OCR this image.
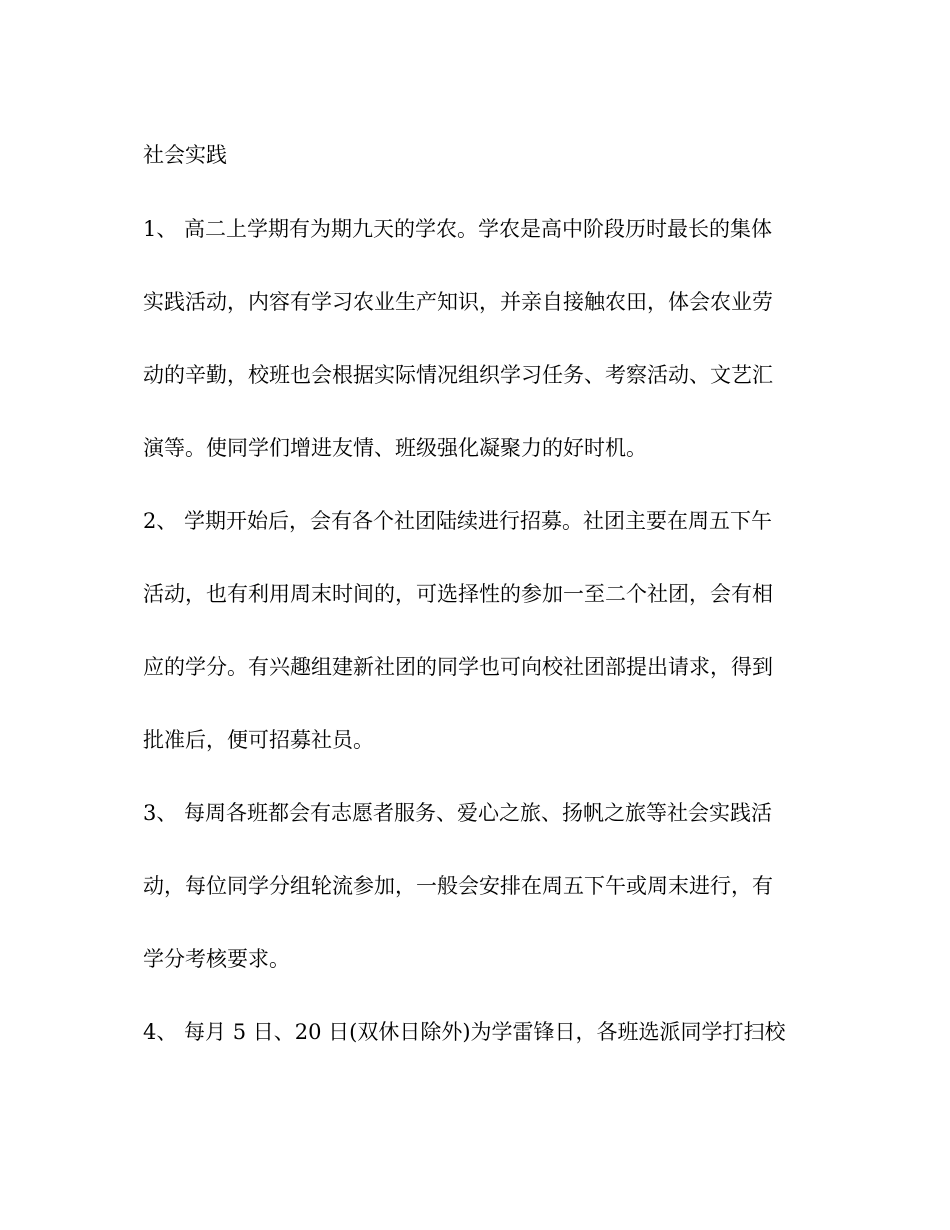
社会实践
1、 高二上学期有为期九天的学农。学农是高中阶段历时最长的集体
实践活动，内容有学习农业生产知识，并亲自接触农田，体会农业劳
动的辛勤，校班也会根据实际情况组织学习任务、考察活动、文艺汇
演等。使同学们增进友情、班级强化凝聚力的好时机。
2、 学期开始后，会有各个社团陆续进行招募。社团主要在周五下午
活动，也有利用周末时间的，可选择性的参加一至二个社团，会有相
应的学分。有兴趣组建新社团的同学也可向校社团部提出请求，得到
批准后，便可招募社员。
3、 每周各班都会有志愿者服务、爱心之旅、扬帆之旅等社会实践活
动，每位同学分组轮流参加，一般会安排在周五下午或周末进行，有
学分考核要求。
4、 每月 5 日、20 日(双休日除外)为学雷锋日，各班选派同学打扫校
